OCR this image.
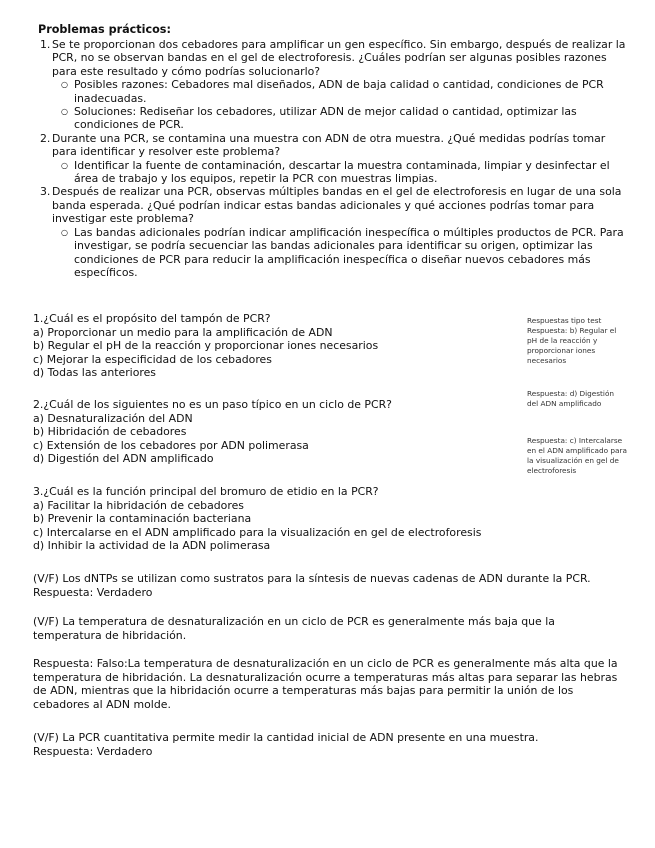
Problemas prácticos:
1. Se te proporcionan dos cebadores para amplificar un gen específico. Sin embargo, después de realizar la PCR, no se observan bandas en el gel de electroforesis. ¿Cuáles podrían ser algunas posibles razones para este resultado y cómo podrías solucionarlo?
○ Posibles razones: Cebadores mal diseñados, ADN de baja calidad o cantidad, condiciones de PCR inadecuadas.
○ Soluciones: Rediseñar los cebadores, utilizar ADN de mejor calidad o cantidad, optimizar las condiciones de PCR.
2. Durante una PCR, se contamina una muestra con ADN de otra muestra. ¿Qué medidas podrías tomar para identificar y resolver este problema?
○ Identificar la fuente de contaminación, descartar la muestra contaminada, limpiar y desinfectar el área de trabajo y los equipos, repetir la PCR con muestras limpias.
3. Después de realizar una PCR, observas múltiples bandas en el gel de electroforesis en lugar de una sola banda esperada. ¿Qué podrían indicar estas bandas adicionales y qué acciones podrías tomar para investigar este problema?
○ Las bandas adicionales podrían indicar amplificación inespecífica o múltiples productos de PCR. Para investigar, se podría secuenciar las bandas adicionales para identificar su origen, optimizar las condiciones de PCR para reducir la amplificación inespecífica o diseñar nuevos cebadores más específicos.
1.¿Cuál es el propósito del tampón de PCR?
a) Proporcionar un medio para la amplificación de ADN
b) Regular el pH de la reacción y proporcionar iones necesarios
c) Mejorar la especificidad de los cebadores
d) Todas las anteriores
2.¿Cuál de los siguientes no es un paso típico en un ciclo de PCR?
a) Desnaturalización del ADN
b) Hibridación de cebadores
c) Extensión de los cebadores por ADN polimerasa
d) Digestión del ADN amplificado
3.¿Cuál es la función principal del bromuro de etidio en la PCR?
a) Facilitar la hibridación de cebadores
b) Prevenir la contaminación bacteriana
c) Intercalarse en el ADN amplificado para la visualización en gel de electroforesis
d) Inhibir la actividad de la ADN polimerasa
Respuestas tipo test
Respuesta: b) Regular el pH de la reacción y proporcionar iones necesarios
Respuesta: d) Digestión del ADN amplificado
Respuesta: c) Intercalarse en el ADN amplificado para la visualización en gel de electroforesis
(V/F) Los dNTPs se utilizan como sustratos para la síntesis de nuevas cadenas de ADN durante la PCR.
Respuesta: Verdadero
(V/F) La temperatura de desnaturalización en un ciclo de PCR es generalmente más baja que la temperatura de hibridación.
Respuesta: Falso:La temperatura de desnaturalización en un ciclo de PCR es generalmente más alta que la temperatura de hibridación. La desnaturalización ocurre a temperaturas más altas para separar las hebras de ADN, mientras que la hibridación ocurre a temperaturas más bajas para permitir la unión de los cebadores al ADN molde.
(V/F) La PCR cuantitativa permite medir la cantidad inicial de ADN presente en una muestra.
Respuesta: Verdadero
